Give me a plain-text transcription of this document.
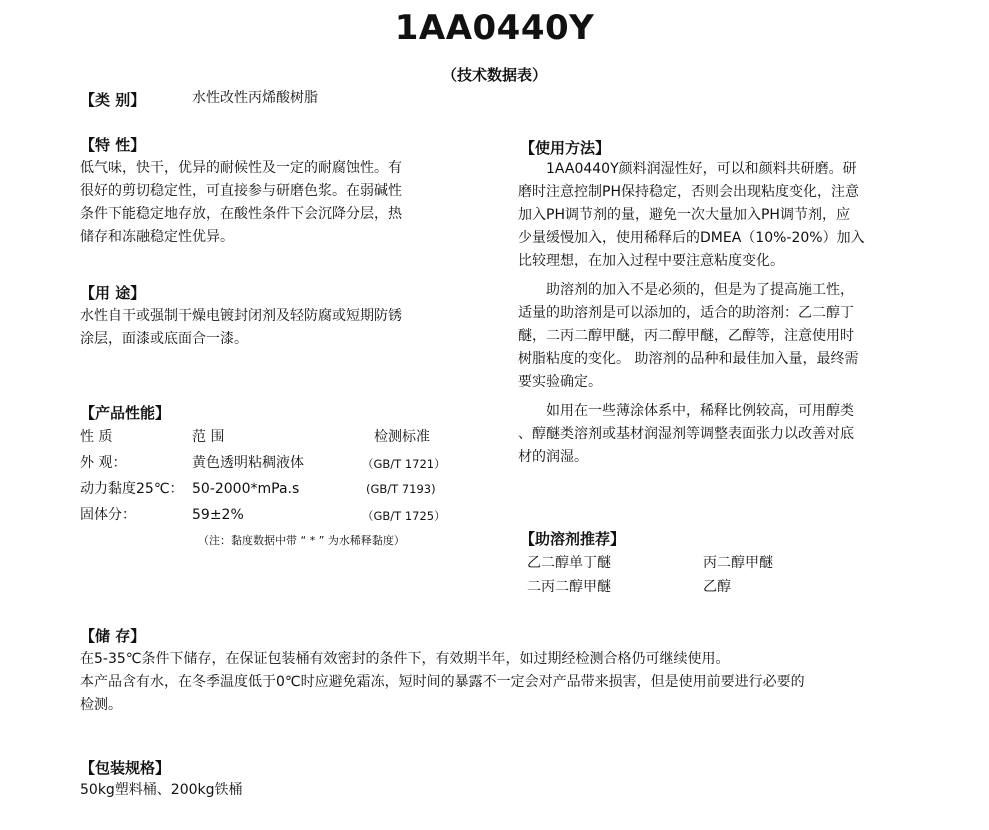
1AA0440Y
（技术数据表）
【类 别】	水性改性丙烯酸树脂
【特 性】
低气味，快干，优异的耐候性及一定的耐腐蚀性。有
很好的剪切稳定性，可直接参与研磨色浆。在弱碱性
条件下能稳定地存放，在酸性条件下会沉降分层，热
储存和冻融稳定性优异。
【用 途】
水性自干或强制干燥电镀封闭剂及轻防腐或短期防锈
涂层，面漆或底面合一漆。
【产品性能】
性 质	范 围	检测标准
外 观：	黄色透明粘稠液体	（GB/T 1721）
动力黏度25℃： 50-2000*mPa.s	(GB/T 7193)
固体分：	59±2%	（GB/T 1725）
（注：黏度数据中带 “ * ” 为水稀释黏度）
【使用方法】
1AA0440Y颜料润湿性好，可以和颜料共研磨。研
磨时注意控制PH保持稳定，否则会出现粘度变化，注意
加入PH调节剂的量，避免一次大量加入PH调节剂，应
少量缓慢加入，使用稀释后的DMEA（10%-20%）加入
比较理想，在加入过程中要注意粘度变化。
助溶剂的加入不是必须的，但是为了提高施工性，
适量的助溶剂是可以添加的，适合的助溶剂：乙二醇丁
醚，二丙二醇甲醚，丙二醇甲醚，乙醇等，注意使用时
树脂粘度的变化。 助溶剂的品种和最佳加入量，最终需
要实验确定。
如用在一些薄涂体系中，稀释比例较高，可用醇类
、醇醚类溶剂或基材润湿剂等调整表面张力以改善对底
材的润湿。
【助溶剂推荐】
乙二醇单丁醚	丙二醇甲醚
二丙二醇甲醚	乙醇
【储 存】
在5-35℃条件下储存，在保证包装桶有效密封的条件下，有效期半年，如过期经检测合格仍可继续使用。
本产品含有水，在冬季温度低于0℃时应避免霜冻，短时间的暴露不一定会对产品带来损害，但是使用前要进行必要的
检测。
【包装规格】
50kg塑料桶、200kg铁桶
